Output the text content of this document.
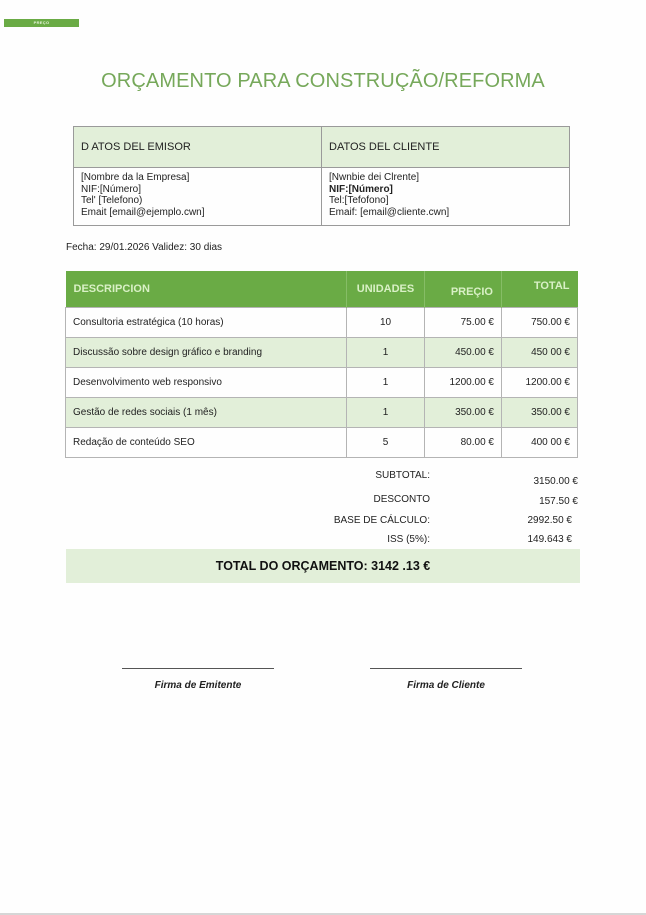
PREÇO
ORÇAMENTO PARA CONSTRUÇÃO/REFORMA
D ATOS DEL EMISOR
[Nombre da la Empresa]
NIF:[Número]
Tel' [Telefono)
Emait [email@ejemplo.cwn]
DATOS DEL CLIENTE
[Nwnbie dei Clrente]
NIF:[Número]
Tel:[Tefofono]
Emaif: [email@cliente.cwn]
Fecha: 29/01.2026 Validez: 30 dias
DESCRIPCION	UNIDADES	PREÇIO	TOTAL
Consultoria estratégica (10 horas)	10	75.00 €	750.00 €
Discussão sobre design gráfico e branding	1	450.00 €	450 00 €
Desenvolvimento web responsivo	1	1200.00 €	1200.00 €
Gestão de redes sociais (1 mês)	1	350.00 €	350.00 €
Redação de conteúdo SEO	5	80.00 €	400 00 €
SUBTOTAL:
3150.00 €
DESCONTO	157.50 €
BASE DE CÁLCULO:	2992.50 €
ISS (5%):	149.643 €
TOTAL DO ORÇAMENTO: 3142 .13 €
Firma de Emitente	Firma de Cliente
